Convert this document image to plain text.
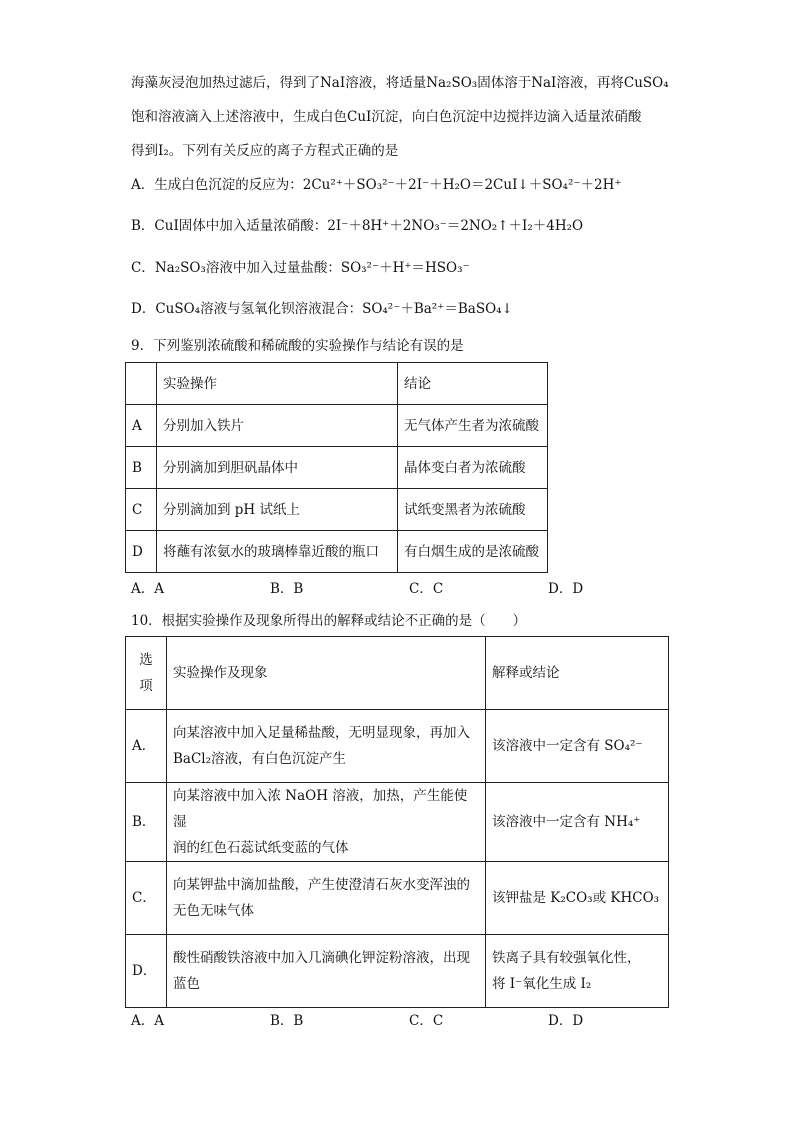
海藻灰浸泡加热过滤后，得到了NaI溶液，将适量Na₂SO₃固体溶于NaI溶液，再将CuSO₄
饱和溶液滴入上述溶液中，生成白色CuI沉淀，向白色沉淀中边搅拌边滴入适量浓硝酸
得到I₂。下列有关反应的离子方程式正确的是
A．生成白色沉淀的反应为：2Cu²⁺＋SO₃²⁻＋2I⁻＋H₂O＝2CuI↓＋SO₄²⁻＋2H⁺
B．CuI固体中加入适量浓硝酸：2I⁻＋8H⁺＋2NO₃⁻＝2NO₂↑＋I₂＋4H₂O
C．Na₂SO₃溶液中加入过量盐酸：SO₃²⁻＋H⁺＝HSO₃⁻
D．CuSO₄溶液与氢氧化钡溶液混合：SO₄²⁻＋Ba²⁺＝BaSO₄↓
9．下列鉴别浓硫酸和稀硫酸的实验操作与结论有误的是
	实验操作	结论
A	分别加入铁片	无气体产生者为浓硫酸
B	分别滴加到胆矾晶体中	晶体变白者为浓硫酸
C	分别滴加到 pH 试纸上	试纸变黑者为浓硫酸
D	将蘸有浓氨水的玻璃棒靠近酸的瓶口	有白烟生成的是浓硫酸
A．A	B．B	C．C	D．D
10．根据实验操作及现象所得出的解释或结论不正确的是（　　）
选
项	实验操作及现象	解释或结论
A．	向某溶液中加入足量稀盐酸，无明显现象，再加入
BaCl₂溶液，有白色沉淀产生	该溶液中一定含有 SO₄²⁻
B．	向某溶液中加入浓 NaOH 溶液，加热，产生能使湿
润的红色石蕊试纸变蓝的气体	该溶液中一定含有 NH₄⁺
C．	向某钾盐中滴加盐酸，产生使澄清石灰水变浑浊的
无色无味气体	该钾盐是 K₂CO₃或 KHCO₃
D．	酸性硝酸铁溶液中加入几滴碘化钾淀粉溶液，出现
蓝色	铁离子具有较强氧化性，
将 I⁻氧化生成 I₂
A．A	B．B	C．C	D．D
